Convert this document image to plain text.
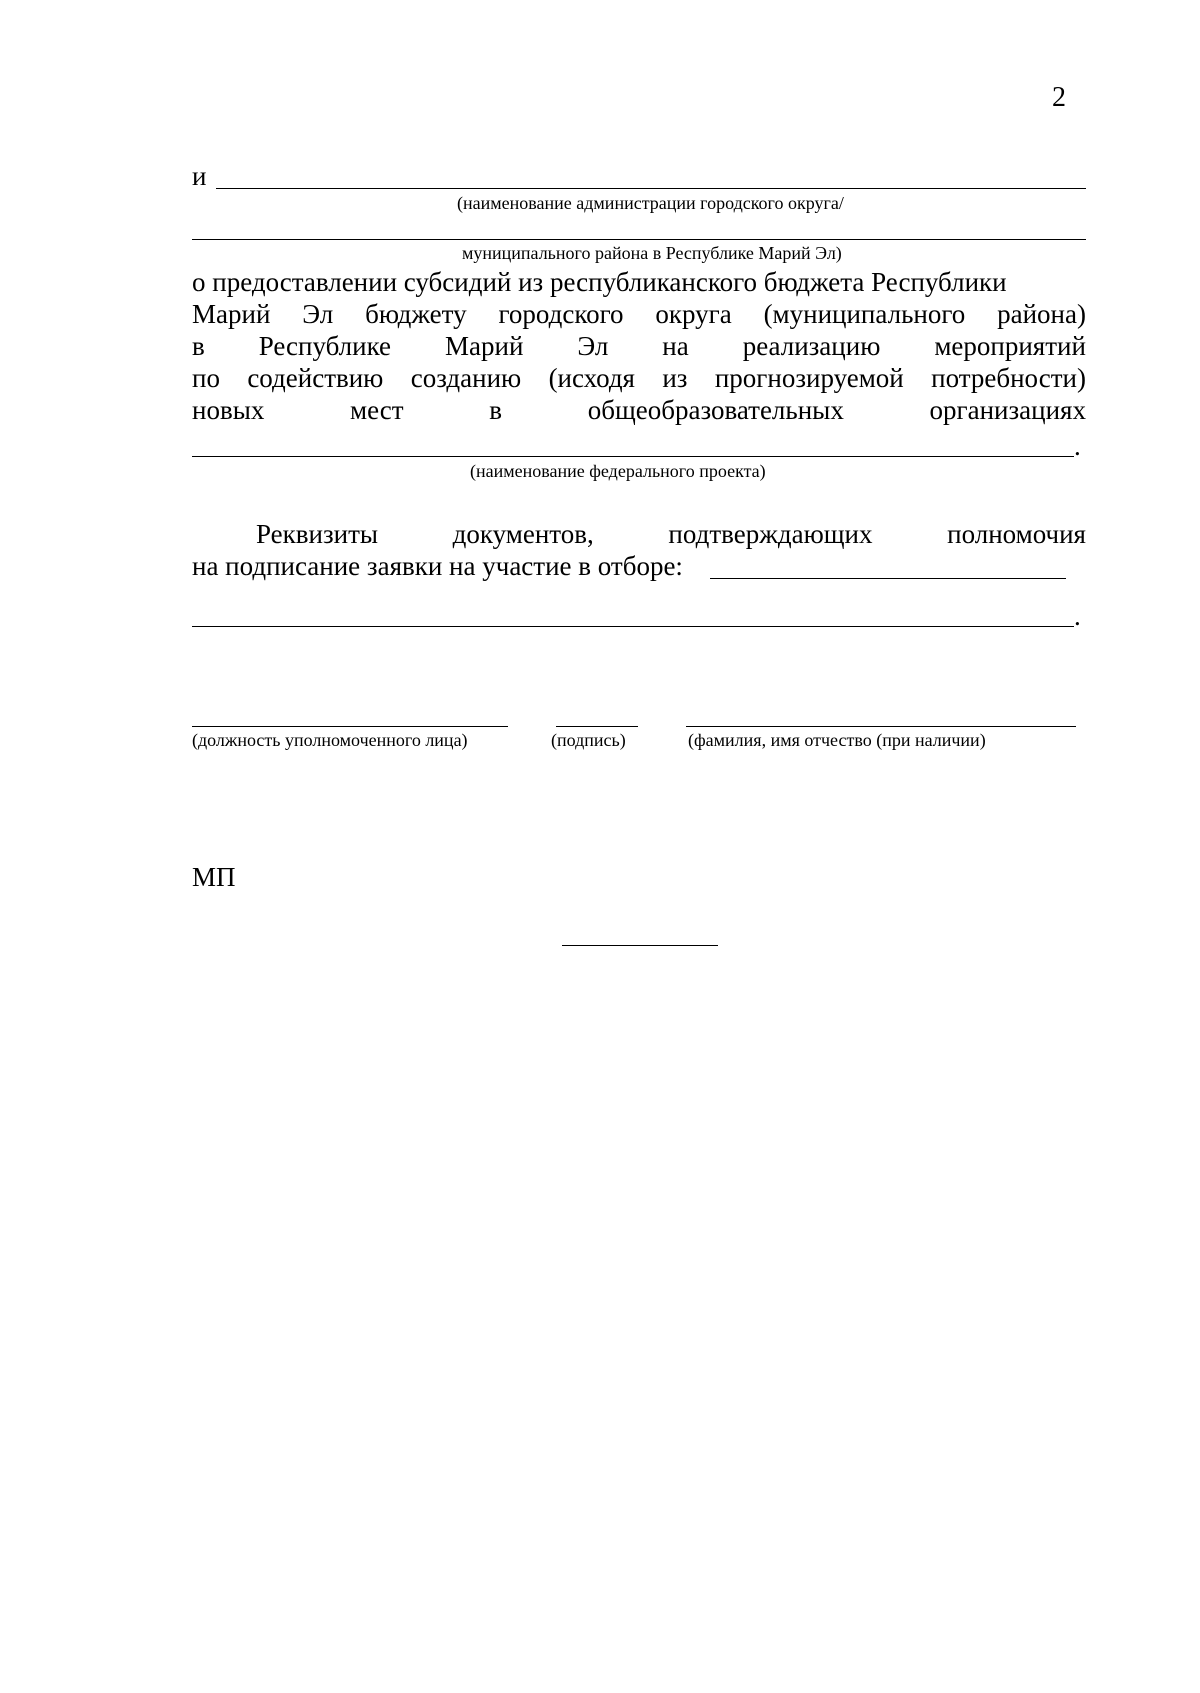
2
и
(наименование администрации городского округа/
муниципального района в Республике Марий Эл)
о предоставлении субсидий из республиканского бюджета Республики
Марий Эл бюджету городского округа (муниципального района)
в Республике Марий Эл на реализацию мероприятий
по содействию созданию (исходя из прогнозируемой потребности)
новых	мест	в	общеобразовательных	организациях
.
(наименование федерального проекта)
Реквизиты	документов,	подтверждающих	полномочия
на подписание заявки на участие в отборе:
.
(должность уполномоченного лица)	(подпись)	(фамилия, имя отчество (при наличии)
МП
